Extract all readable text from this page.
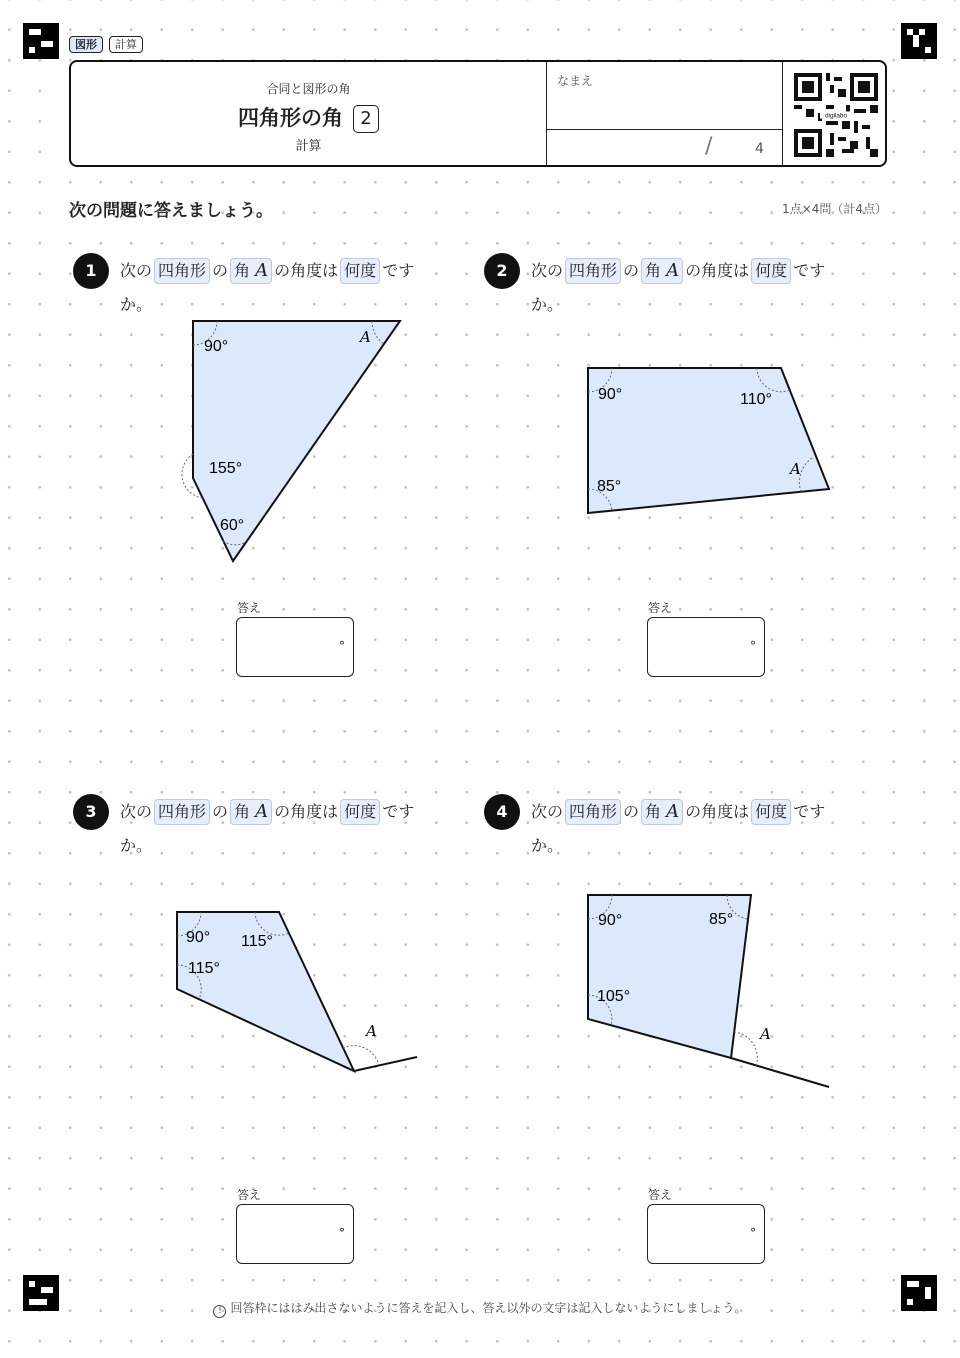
図形	計算
合同と図形の角
四角形の角 2
計算
なまえ
/	4
digilabo
次の問題に答えましょう。	1点×4問（計4点）
1	次の 四角形 の 角 A の角度は 何度 です
か。
90°
A
155°
60°
答え
°
2	次の 四角形 の 角 A の角度は 何度 です
か。
90°	110°
A
85°
答え
°
3	次の 四角形 の 角 A の角度は 何度 です
か。
90° 115°
115°
A
答え
°
4	次の 四角形 の 角 A の角度は 何度 です
か。
90°	85°
105°
A
答え
°
! 回答枠にははみ出さないように答えを記入し、答え以外の文字は記入しないようにしましょう。
